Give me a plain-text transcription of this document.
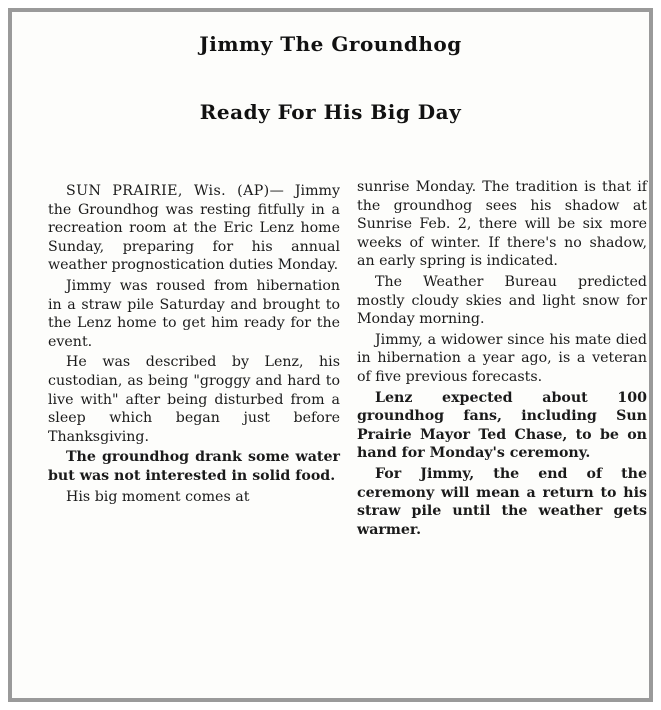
Jimmy The Groundhog
Ready For His Big Day

SUN PRAIRIE, Wis. (AP)— Jimmy the Groundhog was resting fitfully in a recreation room at the Eric Lenz home Sunday, preparing for his annual weather prognostication duties Monday.

Jimmy was roused from hibernation in a straw pile Saturday and brought to the Lenz home to get him ready for the event.

He was described by Lenz, his custodian, as being "groggy and hard to live with" after being disturbed from a sleep which began just before Thanksgiving.

The groundhog drank some water but was not interested in solid food.

His big moment comes at

sunrise Monday. The tradition is that if the groundhog sees his shadow at Sunrise Feb. 2, there will be six more weeks of winter. If there's no shadow, an early spring is indicated.

The Weather Bureau predicted mostly cloudy skies and light snow for Monday morning.

Jimmy, a widower since his mate died in hibernation a year ago, is a veteran of five previous forecasts.

Lenz expected about 100 groundhog fans, including Sun Prairie Mayor Ted Chase, to be on hand for Monday's ceremony.

For Jimmy, the end of the ceremony will mean a return to his straw pile until the weather gets warmer.
